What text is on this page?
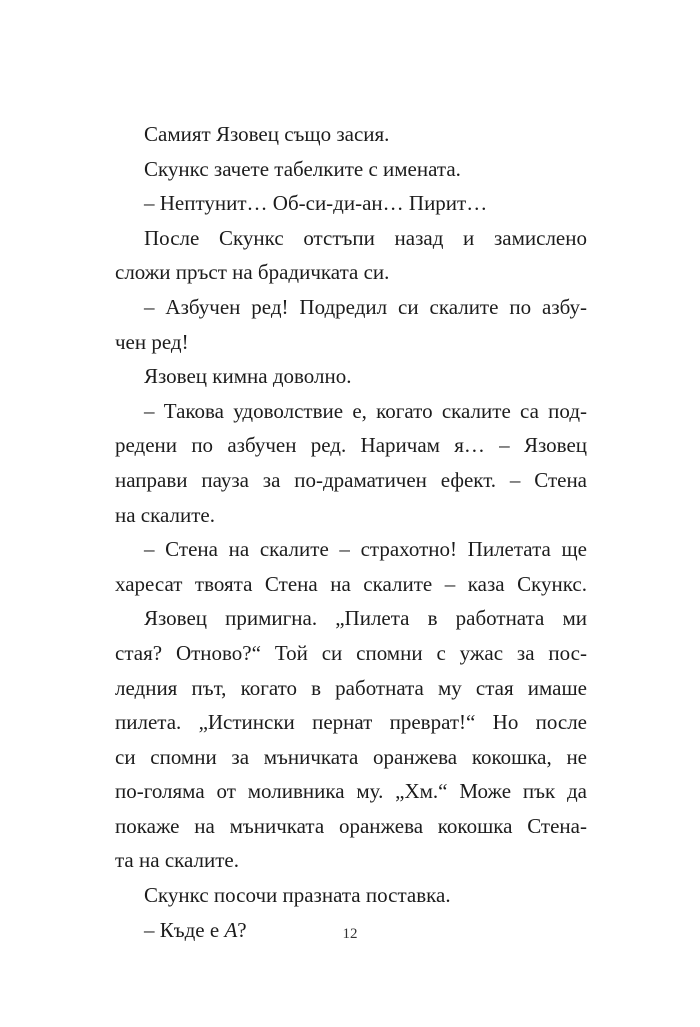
Самият Язовец също засия.
Скункс зачете табелките с имената.
– Нептунит… Об-си-ди-ан… Пирит…
После Скункс отстъпи назад и замислено
сложи пръст на брадичката си.
– Азбучен ред! Подредил си скалите по азбу-
чен ред!
Язовец кимна доволно.
– Такова удоволствие е, когато скалите са под-
редени по азбучен ред. Наричам я… – Язовец
направи пауза за по-драматичен ефект. – Стена
на скалите.
– Стена на скалите – страхотно! Пилетата ще
харесат твоята Стена на скалите – каза Скункс.
Язовец примигна. „Пилета в работната ми
стая? Отново?“ Той си спомни с ужас за пос-
ледния път, когато в работната му стая имаше
пилета. „Истински пернат преврат!“ Но после
си спомни за мъничката оранжева кокошка, не
по-голяма от моливника му. „Хм.“ Може пък да
покаже на мъничката оранжева кокошка Стена-
та на скалите.
Скункс посочи празната поставка.
– Къде е А?	12
